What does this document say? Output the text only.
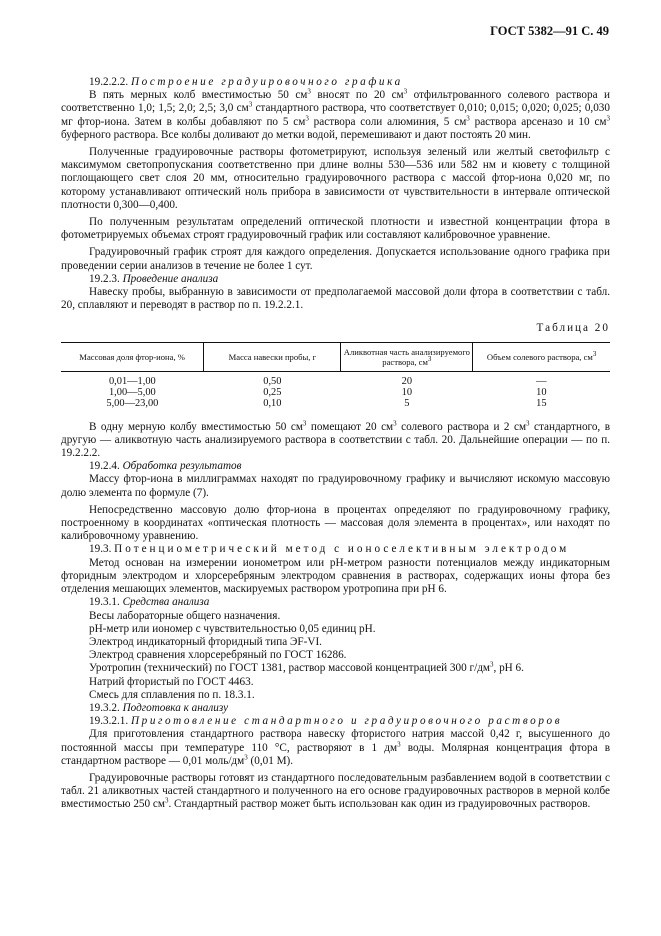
ГОСТ 5382—91 С. 49

19.2.2.2. Построение градуировочного графика

В пять мерных колб вместимостью 50 $см^3$ вносят по 20 $см^3$ отфильтрованного солевого раствора и соответственно 1,0; 1,5; 2,0; 2,5; 3,0 $см^3$ стандартного раствора, что соответствует 0,010; 0,015; 0,020; 0,025; 0,030 мг фтор-иона. Затем в колбы добавляют по 5 $см^3$ раствора соли алюминия, 5 $см^3$ раствора арсеназо и 10 $см^3$ буферного раствора. Все колбы доливают до метки водой, перемешивают и дают постоять 20 мин.

Полученные градуировочные растворы фотометрируют, используя зеленый или желтый светофильтр с максимумом светопропускания соответственно при длине волны 530—536 или 582 нм и кювету с толщиной поглощающего свет слоя 20 мм, относительно градуировочного раствора с массой фтор-иона 0,020 мг, по которому устанавливают оптический ноль прибора в зависимости от чувствительности в интервале оптической плотности 0,300—0,400.

По полученным результатам определений оптической плотности и известной концентрации фтора в фотометрируемых объемах строят градуировочный график или составляют калибровочное уравнение.

Градуировочный график строят для каждого определения. Допускается использование одного графика при проведении серии анализов в течение не более 1 сут.

19.2.3. Проведение анализа

Навеску пробы, выбранную в зависимости от предполагаемой массовой доли фтора в соответствии с табл. 20, сплавляют и переводят в раствор по п. 19.2.2.1.

Таблица 20

Массовая доля фтор-иона, %	Масса навески пробы, г	Аликвотная часть анализируемого раствора, $см^3$	Объем солевого раствора, $см^3$
0,01—1,00	0,50	20	—
1,00—5,00	0,25	10	10
5,00—23,00	0,10	5	15

В одну мерную колбу вместимостью 50 $см^3$ помещают 20 $см^3$ солевого раствора и 2 $см^3$ стандартного, в другую — аликвотную часть анализируемого раствора в соответствии с табл. 20. Дальнейшие операции — по п. 19.2.2.2.

19.2.4. Обработка результатов

Массу фтор-иона в миллиграммах находят по градуировочному графику и вычисляют искомую массовую долю элемента по формуле (7).

Непосредственно массовую долю фтор-иона в процентах определяют по градуировочному графику, построенному в координатах «оптическая плотность — массовая доля элемента в процентах», или находят по калибровочному уравнению.

19.3. Потенциометрический метод с ионоселективным электродом

Метод основан на измерении ионометром или pH-метром разности потенциалов между индикаторным фторидным электродом и хлорсеребряным электродом сравнения в растворах, содержащих ионы фтора без отделения мешающих элементов, маскируемых раствором уротропина при pH 6.

19.3.1. Средства анализа

Весы лабораторные общего назначения.

pH-метр или иономер с чувствительностью 0,05 единиц pH.

Электрод индикаторный фторидный типа ЭF-VI.

Электрод сравнения хлорсеребряный по ГОСТ 16286.

Уротропин (технический) по ГОСТ 1381, раствор массовой концентрацией 300 $г/дм^3$, pH 6.

Натрий фтористый по ГОСТ 4463.

Смесь для сплавления по п. 18.3.1.

19.3.2. Подготовка к анализу

19.3.2.1. Приготовление стандартного и градуировочного растворов

Для приготовления стандартного раствора навеску фтористого натрия массой 0,42 г, высушенного до постоянной массы при температуре 110 °С, растворяют в 1 $дм^3$ воды. Молярная концентрация фтора в стандартном растворе — 0,01 моль/$дм^3$ (0,01 М).

Градуировочные растворы готовят из стандартного последовательным разбавлением водой в соответствии с табл. 21 аликвотных частей стандартного и полученного на его основе градуировочных растворов в мерной колбе вместимостью 250 $см^3$. Стандартный раствор может быть использован как один из градуировочных растворов.
